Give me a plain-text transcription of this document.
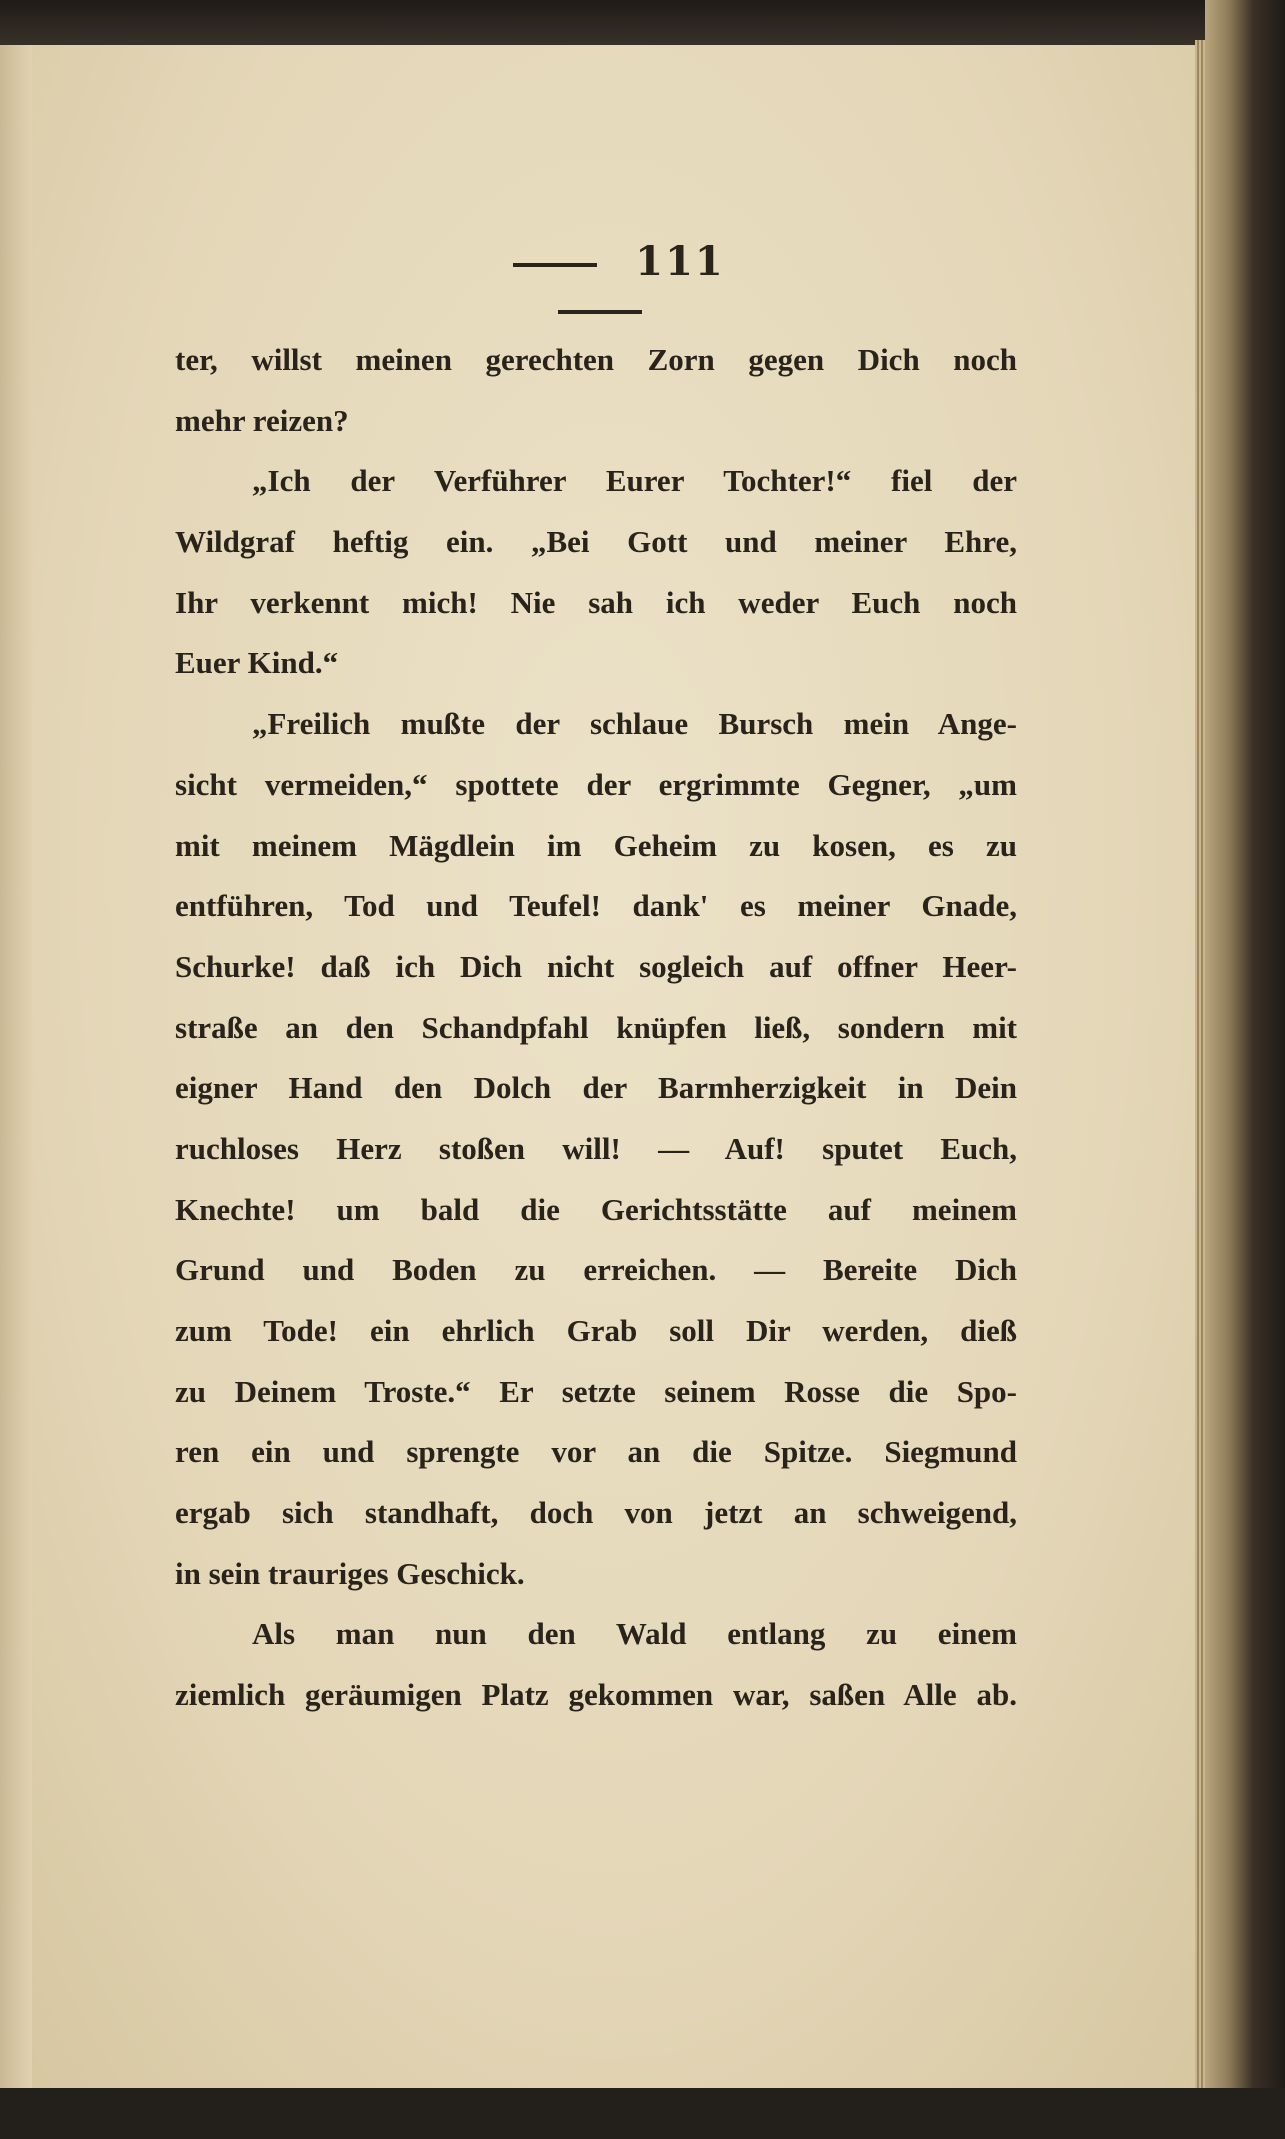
111
ter, willst meinen gerechten Zorn gegen Dich noch
mehr reizen?
„Ich der Verführer Eurer Tochter!“ fiel der
Wildgraf heftig ein. „Bei Gott und meiner Ehre,
Ihr verkennt mich! Nie sah ich weder Euch noch
Euer Kind.“
„Freilich mußte der schlaue Bursch mein Ange-
sicht vermeiden,“ spottete der ergrimmte Gegner, „um
mit meinem Mägdlein im Geheim zu kosen, es zu
entführen, Tod und Teufel! dank' es meiner Gnade,
Schurke! daß ich Dich nicht sogleich auf offner Heer-
straße an den Schandpfahl knüpfen ließ, sondern mit
eigner Hand den Dolch der Barmherzigkeit in Dein
ruchloses Herz stoßen will! — Auf! sputet Euch,
Knechte! um bald die Gerichtsstätte auf meinem
Grund und Boden zu erreichen. — Bereite Dich
zum Tode! ein ehrlich Grab soll Dir werden, dieß
zu Deinem Troste.“ Er setzte seinem Rosse die Spo-
ren ein und sprengte vor an die Spitze. Siegmund
ergab sich standhaft, doch von jetzt an schweigend,
in sein trauriges Geschick.
Als man nun den Wald entlang zu einem
ziemlich geräumigen Platz gekommen war, saßen Alle ab.
